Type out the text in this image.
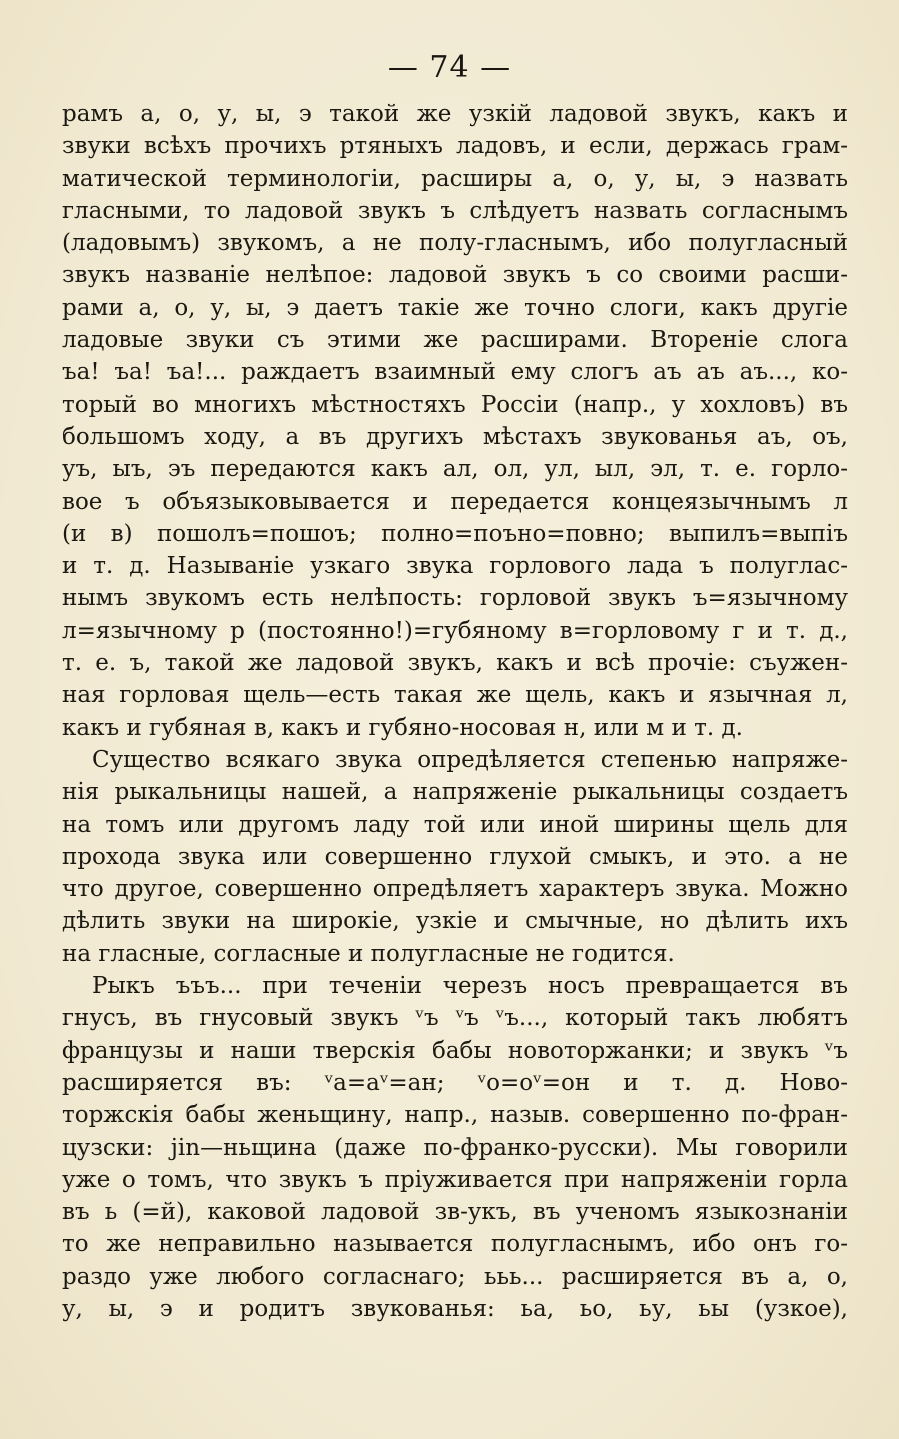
— 74 —
рамъ а, о, у, ы, э такой же узкій ладовой звукъ, какъ и
звуки всѣхъ прочихъ ртяныхъ ладовъ, и если, держась грам-
матической терминологіи, расширы а, о, у, ы, э назвать
гласными, то ладовой звукъ ъ слѣдуетъ назвать согласнымъ
(ладовымъ) звукомъ, а не полу-гласнымъ, ибо полугласный
звукъ названіе нелѣпое: ладовой звукъ ъ со своими расши-
рами а, о, у, ы, э даетъ такіе же точно слоги, какъ другіе
ладовые звуки съ этими же расширами. Втореніе слога
ъа! ъа! ъа!... раждаетъ взаимный ему слогъ аъ аъ аъ..., ко-
торый во многихъ мѣстностяхъ Россіи (напр., у хохловъ) въ
большомъ ходу, а въ другихъ мѣстахъ звукованья аъ, оъ,
уъ, ыъ, эъ передаются какъ ал, ол, ул, ыл, эл, т. е. горло-
вое ъ объязыковывается и передается концеязычнымъ л
(и в) пошолъ=пошоъ; полно=поъно=повно; выпилъ=выпіъ
и т. д. Называніе узкаго звука горлового лада ъ полуглас-
нымъ звукомъ есть нелѣпость: горловой звукъ ъ=язычному
л=язычному р (постоянно!)=губяному в=горловому г и т. д.,
т. е. ъ, такой же ладовой звукъ, какъ и всѣ прочіе: съужен-
ная горловая щель—есть такая же щель, какъ и язычная л,
какъ и губяная в, какъ и губяно-носовая н, или м и т. д.
Существо всякаго звука опредѣляется степенью напряже-
нія рыкальницы нашей, а напряженіе рыкальницы создаетъ
на томъ или другомъ ладу той или иной ширины щель для
прохода звука или совершенно глухой смыкъ, и это. а не
что другое, совершенно опредѣляетъ характеръ звука. Можно
дѣлить звуки на широкіе, узкіе и смычные, но дѣлить ихъ
на гласные, согласные и полугласные не годится.
Рыкъ ъъъ... при теченіи черезъ носъ превращается въ
гнусъ, въ гнусовый звукъ ᵛъ ᵛъ ᵛъ..., который такъ любятъ
французы и наши тверскія бабы новоторжанки; и звукъ ᵛъ
расширяется въ: ᵛа=аᵛ=ан; ᵛо=оᵛ=он и т. д. Ново-
торжскія бабы женьщину, напр., назыв. совершенно по-фран-
цузски: jin—ньщина (даже по-франко-русски). Мы говорили
уже о томъ, что звукъ ъ пріуживается при напряженіи горла
въ ь (=й), каковой ладовой зв-укъ, въ ученомъ языкознаніи
то же неправильно называется полугласнымъ, ибо онъ го-
раздо уже любого согласнаго; ььь... расширяется въ а, о,
у, ы, э и родитъ звукованья: ьа, ьо, ьу, ьы (узкое),
